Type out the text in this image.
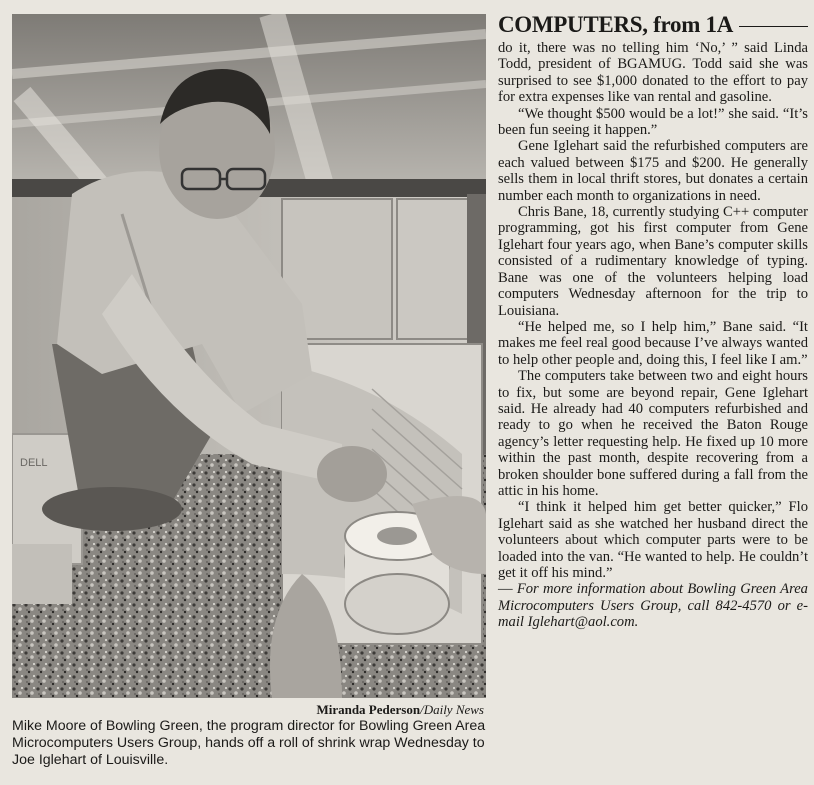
DELL
Miranda Pederson/Daily News
Mike Moore of Bowling Green, the program director for Bowling Green Area Microcomputers Users Group, hands off a roll of shrink wrap Wednesday to Joe Iglehart of Louisville.
COMPUTERS, from 1A

do it, there was no telling him ‘No,’ ” said Linda Todd, president of BGAMUG. Todd said she was surprised to see $1,000 donated to the effort to pay for extra expenses like van rental and gasoline.

“We thought $500 would be a lot!” she said. “It’s been fun seeing it happen.”

Gene Iglehart said the refurbished computers are each valued between $175 and $200. He generally sells them in local thrift stores, but donates a certain number each month to organizations in need.

Chris Bane, 18, currently studying C++ computer programming, got his first computer from Gene Iglehart four years ago, when Bane’s computer skills consisted of a rudimentary knowledge of typing. Bane was one of the volunteers helping load computers Wednesday afternoon for the trip to Louisiana.

“He helped me, so I help him,” Bane said. “It makes me feel real good because I’ve always wanted to help other people and, doing this, I feel like I am.”

The computers take between two and eight hours to fix, but some are beyond repair, Gene Iglehart said. He already had 40 computers refurbished and ready to go when he received the Baton Rouge agency’s letter requesting help. He fixed up 10 more within the past month, despite recovering from a broken shoulder bone suffered during a fall from the attic in his home.

“I think it helped him get better quicker,” Flo Iglehart said as she watched her husband direct the volunteers about which computer parts were to be loaded into the van. “He wanted to help. He couldn’t get it off his mind.”

— For more information about Bowling Green Area Microcomputers Users Group, call 842-4570 or e-mail Iglehart@aol.com.
